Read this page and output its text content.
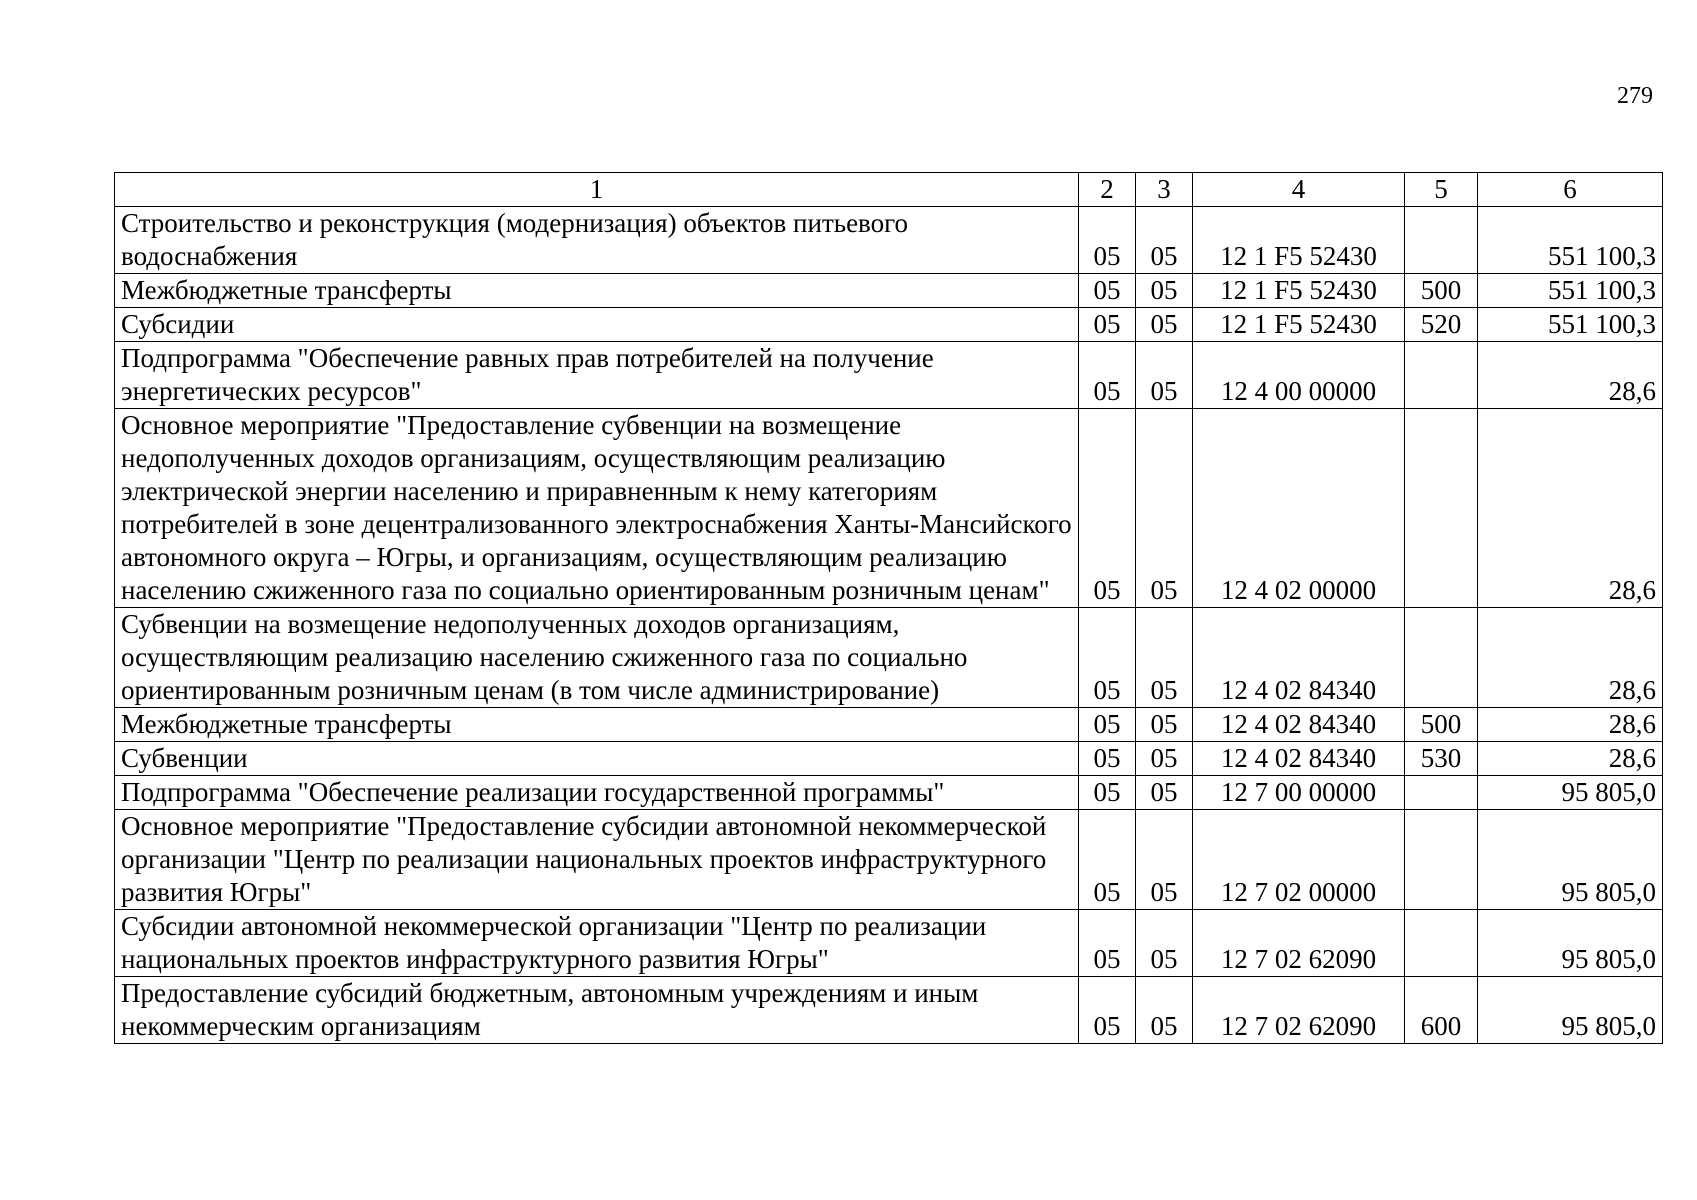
279
1	2	3	4	5	6
Строительство и реконструкция (модернизация) объектов питьевого водоснабжения	05	05	12 1 F5 52430		551 100,3
Межбюджетные трансферты	05	05	12 1 F5 52430	500	551 100,3
Субсидии	05	05	12 1 F5 52430	520	551 100,3
Подпрограмма "Обеспечение равных прав потребителей на получение энергетических ресурсов"	05	05	12 4 00 00000		28,6
Основное мероприятие "Предоставление субвенции на возмещение недополученных доходов организациям, осуществляющим реализацию электрической энергии населению и приравненным к нему категориям потребителей в зоне децентрализованного электроснабжения Ханты-Мансийского автономного округа – Югры, и организациям, осуществляющим реализацию населению сжиженного газа по социально ориентированным розничным ценам"	05	05	12 4 02 00000		28,6
Субвенции на возмещение недополученных доходов организациям, осуществляющим реализацию населению сжиженного газа по социально ориентированным розничным ценам (в том числе администрирование)	05	05	12 4 02 84340		28,6
Межбюджетные трансферты	05	05	12 4 02 84340	500	28,6
Субвенции	05	05	12 4 02 84340	530	28,6
Подпрограмма "Обеспечение реализации государственной программы"	05	05	12 7 00 00000		95 805,0
Основное мероприятие "Предоставление субсидии автономной некоммерческой организации "Центр по реализации национальных проектов инфраструктурного развития Югры"	05	05	12 7 02 00000		95 805,0
Субсидии автономной некоммерческой организации "Центр по реализации национальных проектов инфраструктурного развития Югры"	05	05	12 7 02 62090		95 805,0
Предоставление субсидий бюджетным, автономным учреждениям и иным некоммерческим организациям	05	05	12 7 02 62090	600	95 805,0
